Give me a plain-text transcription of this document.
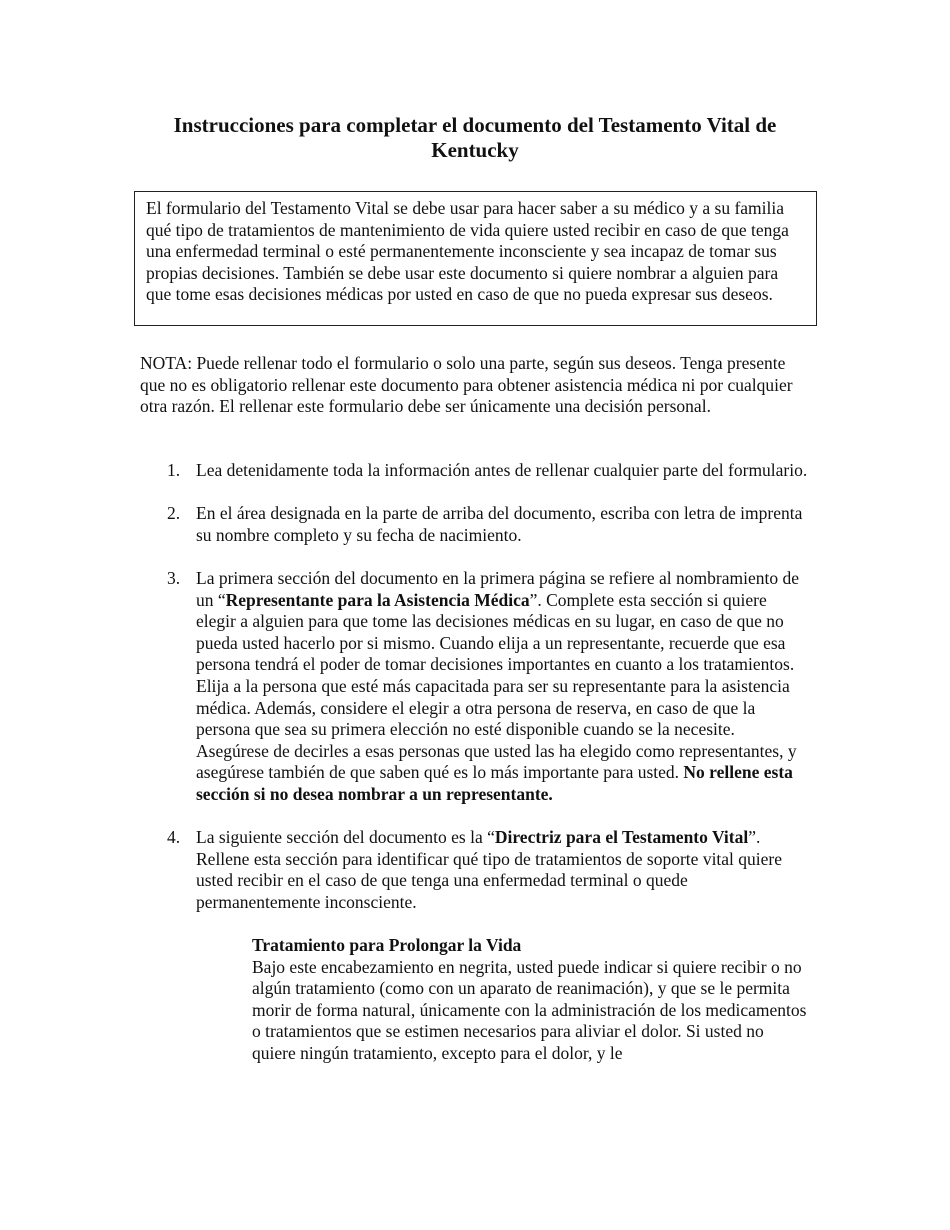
Instrucciones para completar el documento del Testamento Vital de Kentucky

El formulario del Testamento Vital se debe usar para hacer saber a su médico y a su familia qué tipo de tratamientos de mantenimiento de vida quiere usted recibir en caso de que tenga una enfermedad terminal o esté permanentemente inconsciente y sea incapaz de tomar sus propias decisiones. También se debe usar este documento si quiere nombrar a alguien para que tome esas decisiones médicas por usted en caso de que no pueda expresar sus deseos.

NOTA: Puede rellenar todo el formulario o solo una parte, según sus deseos. Tenga presente que no es obligatorio rellenar este documento para obtener asistencia médica ni por cualquier otra razón. El rellenar este formulario debe ser únicamente una decisión personal.

1. Lea detenidamente toda la información antes de rellenar cualquier parte del formulario.

2. En el área designada en la parte de arriba del documento, escriba con letra de imprenta su nombre completo y su fecha de nacimiento.

3. La primera sección del documento en la primera página se refiere al nombramiento de un “Representante para la Asistencia Médica”. Complete esta sección si quiere elegir a alguien para que tome las decisiones médicas en su lugar, en caso de que no pueda usted hacerlo por si mismo. Cuando elija a un representante, recuerde que esa persona tendrá el poder de tomar decisiones importantes en cuanto a los tratamientos. Elija a la persona que esté más capacitada para ser su representante para la asistencia médica. Además, considere el elegir a otra persona de reserva, en caso de que la persona que sea su primera elección no esté disponible cuando se la necesite. Asegúrese de decirles a esas personas que usted las ha elegido como representantes, y asegúrese también de que saben qué es lo más importante para usted. No rellene esta sección si no desea nombrar a un representante.

4. La siguiente sección del documento es la “Directriz para el Testamento Vital”. Rellene esta sección para identificar qué tipo de tratamientos de soporte vital quiere usted recibir en el caso de que tenga una enfermedad terminal o quede permanentemente inconsciente.

Tratamiento para Prolongar la Vida

Bajo este encabezamiento en negrita, usted puede indicar si quiere recibir o no algún tratamiento (como con un aparato de reanimación), y que se le permita morir de forma natural, únicamente con la administración de los medicamentos o tratamientos que se estimen necesarios para aliviar el dolor. Si usted no quiere ningún tratamiento, excepto para el dolor, y le
